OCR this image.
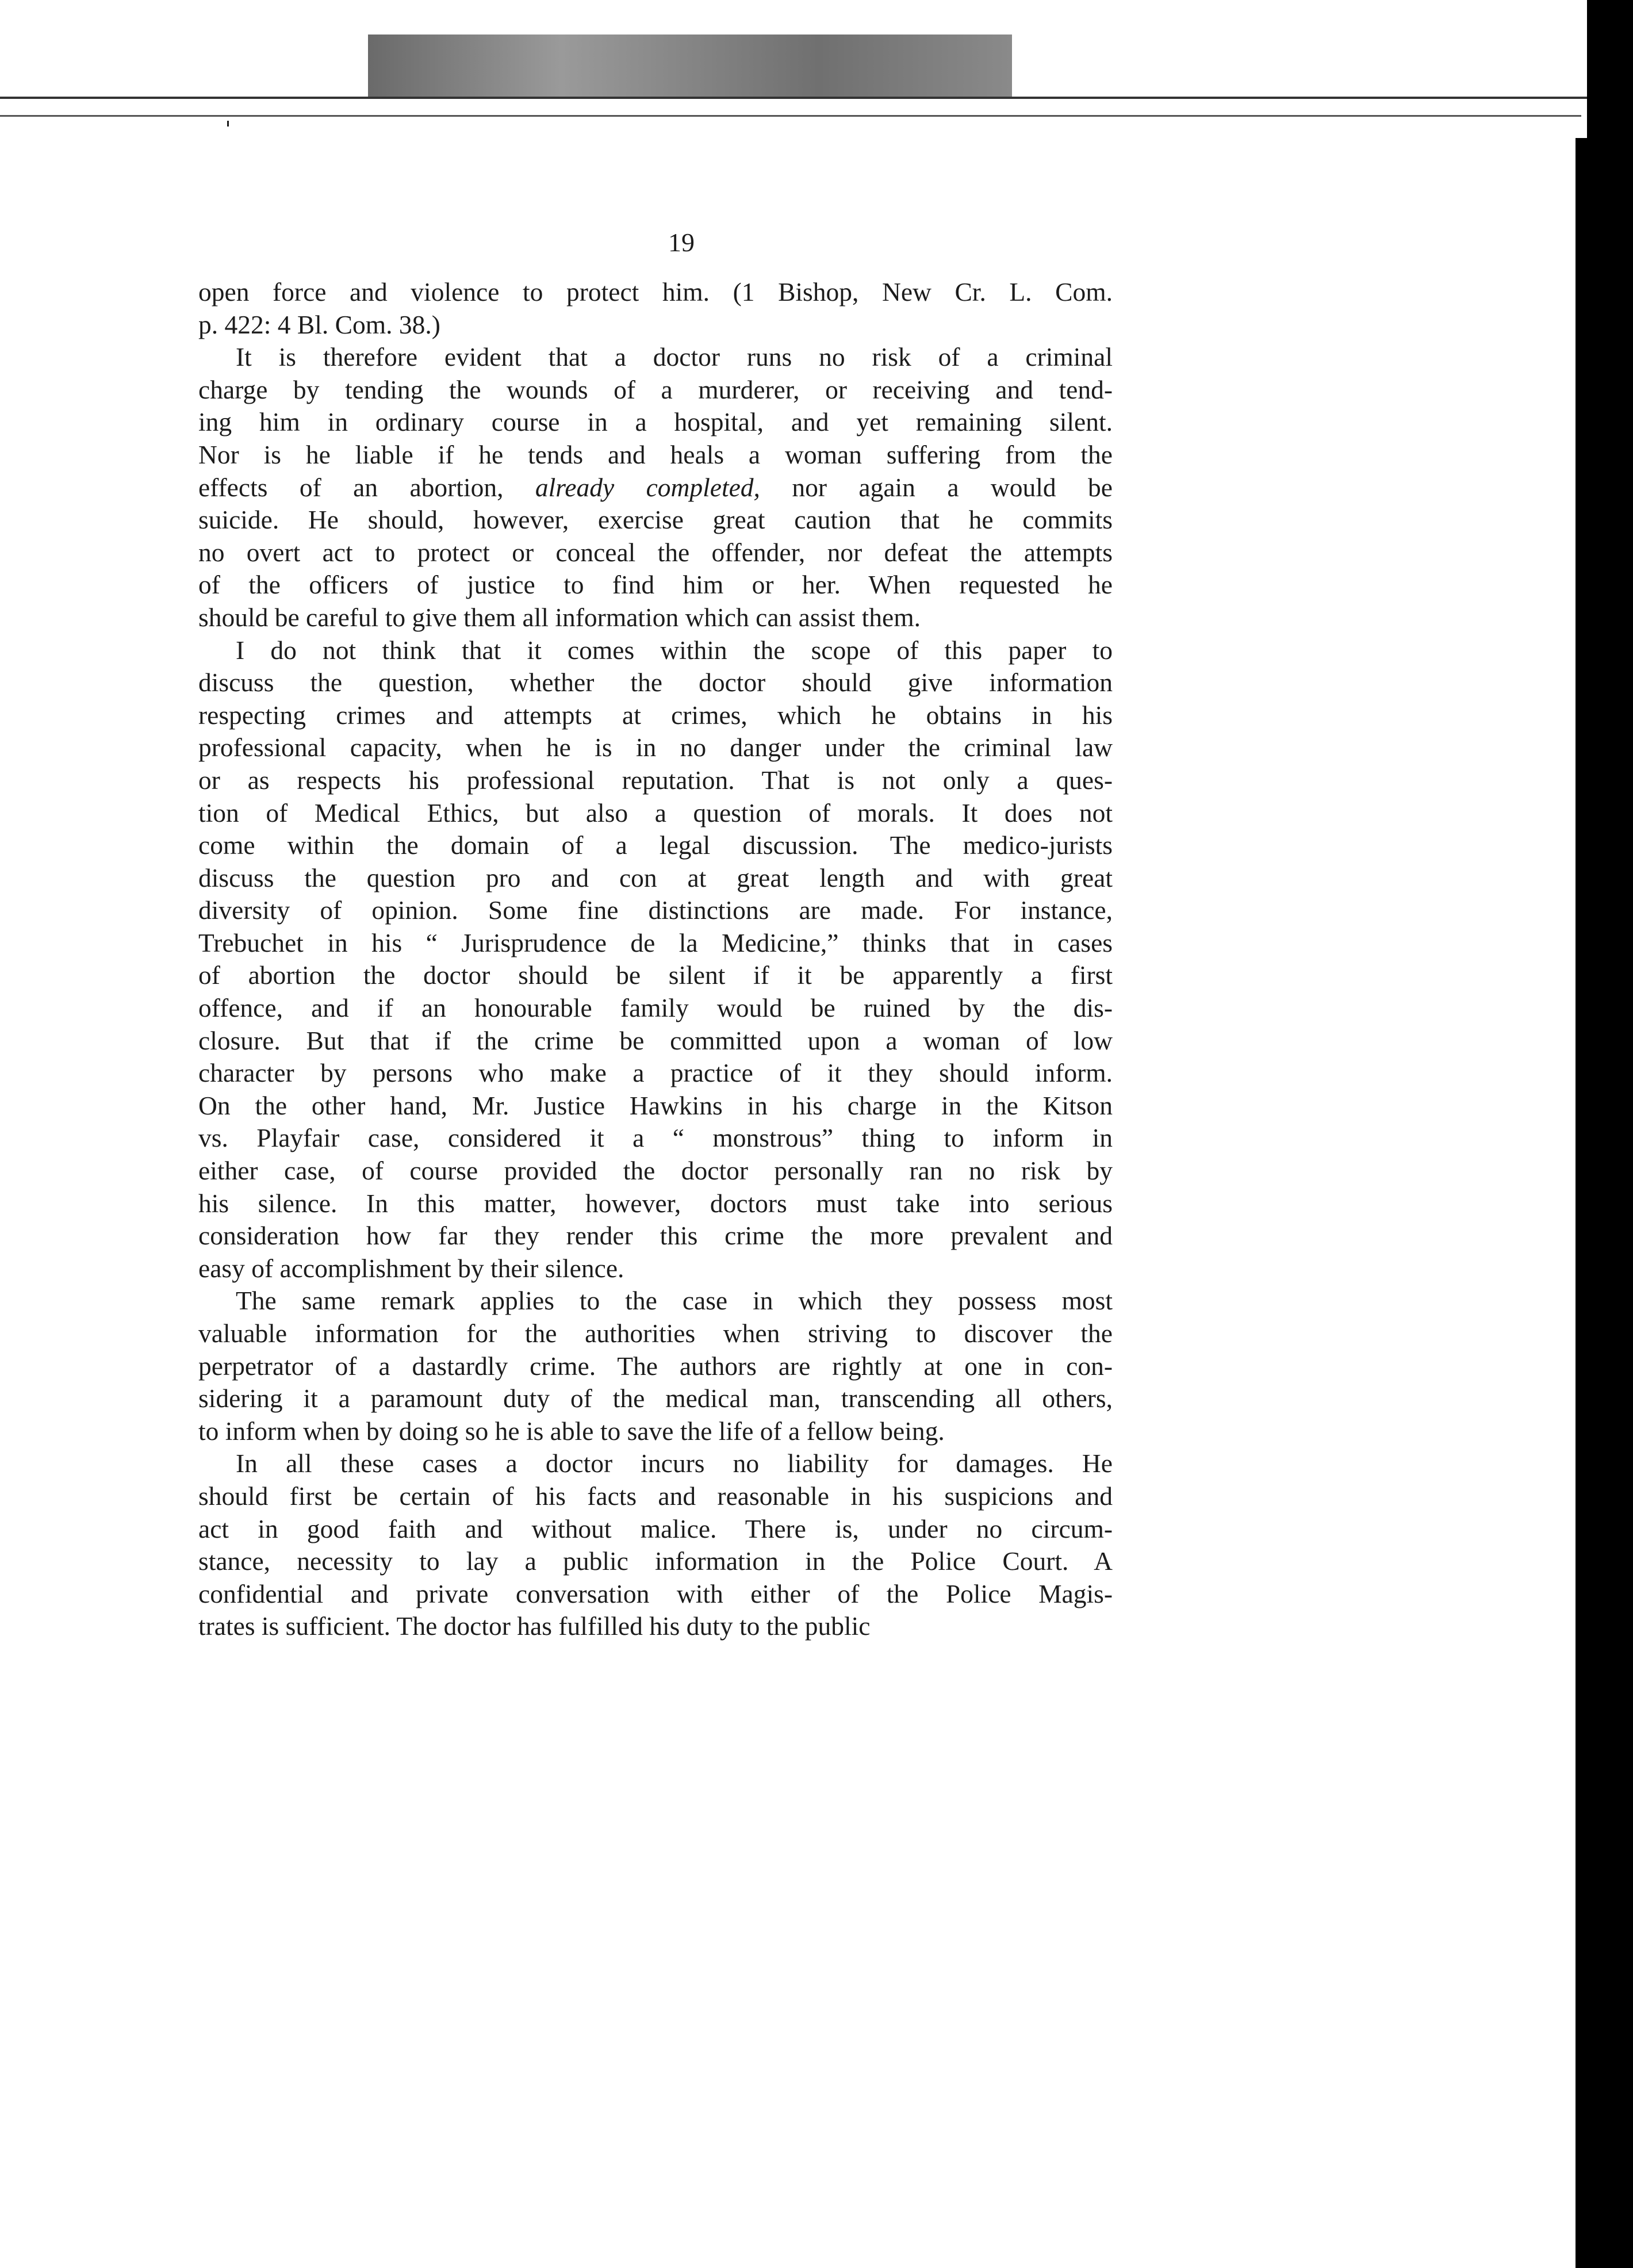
19
open force and violence to protect him. (1 Bishop, New Cr. L. Com.
p. 422: 4 Bl. Com. 38.)
It is therefore evident that a doctor runs no risk of a criminal
charge by tending the wounds of a murderer, or receiving and tend-
ing him in ordinary course in a hospital, and yet remaining silent.
Nor is he liable if he tends and heals a woman suffering from the
effects of an abortion, already completed, nor again a would be
suicide. He should, however, exercise great caution that he commits
no overt act to protect or conceal the offender, nor defeat the attempts
of the officers of justice to find him or her. When requested he
should be careful to give them all information which can assist them.
I do not think that it comes within the scope of this paper to
discuss the question, whether the doctor should give information
respecting crimes and attempts at crimes, which he obtains in his
professional capacity, when he is in no danger under the criminal law
or as respects his professional reputation. That is not only a ques-
tion of Medical Ethics, but also a question of morals. It does not
come within the domain of a legal discussion. The medico-jurists
discuss the question pro and con at great length and with great
diversity of opinion. Some fine distinctions are made. For instance,
Trebuchet in his “ Jurisprudence de la Medicine,” thinks that in cases
of abortion the doctor should be silent if it be apparently a first
offence, and if an honourable family would be ruined by the dis-
closure. But that if the crime be committed upon a woman of low
character by persons who make a practice of it they should inform.
On the other hand, Mr. Justice Hawkins in his charge in the Kitson
vs. Playfair case, considered it a “ monstrous” thing to inform in
either case, of course provided the doctor personally ran no risk by
his silence. In this matter, however, doctors must take into serious
consideration how far they render this crime the more prevalent and
easy of accomplishment by their silence.
The same remark applies to the case in which they possess most
valuable information for the authorities when striving to discover the
perpetrator of a dastardly crime. The authors are rightly at one in con-
sidering it a paramount duty of the medical man, transcending all others,
to inform when by doing so he is able to save the life of a fellow being.
In all these cases a doctor incurs no liability for damages. He
should first be certain of his facts and reasonable in his suspicions and
act in good faith and without malice. There is, under no circum-
stance, necessity to lay a public information in the Police Court. A
confidential and private conversation with either of the Police Magis-
trates is sufficient. The doctor has fulfilled his duty to the public
